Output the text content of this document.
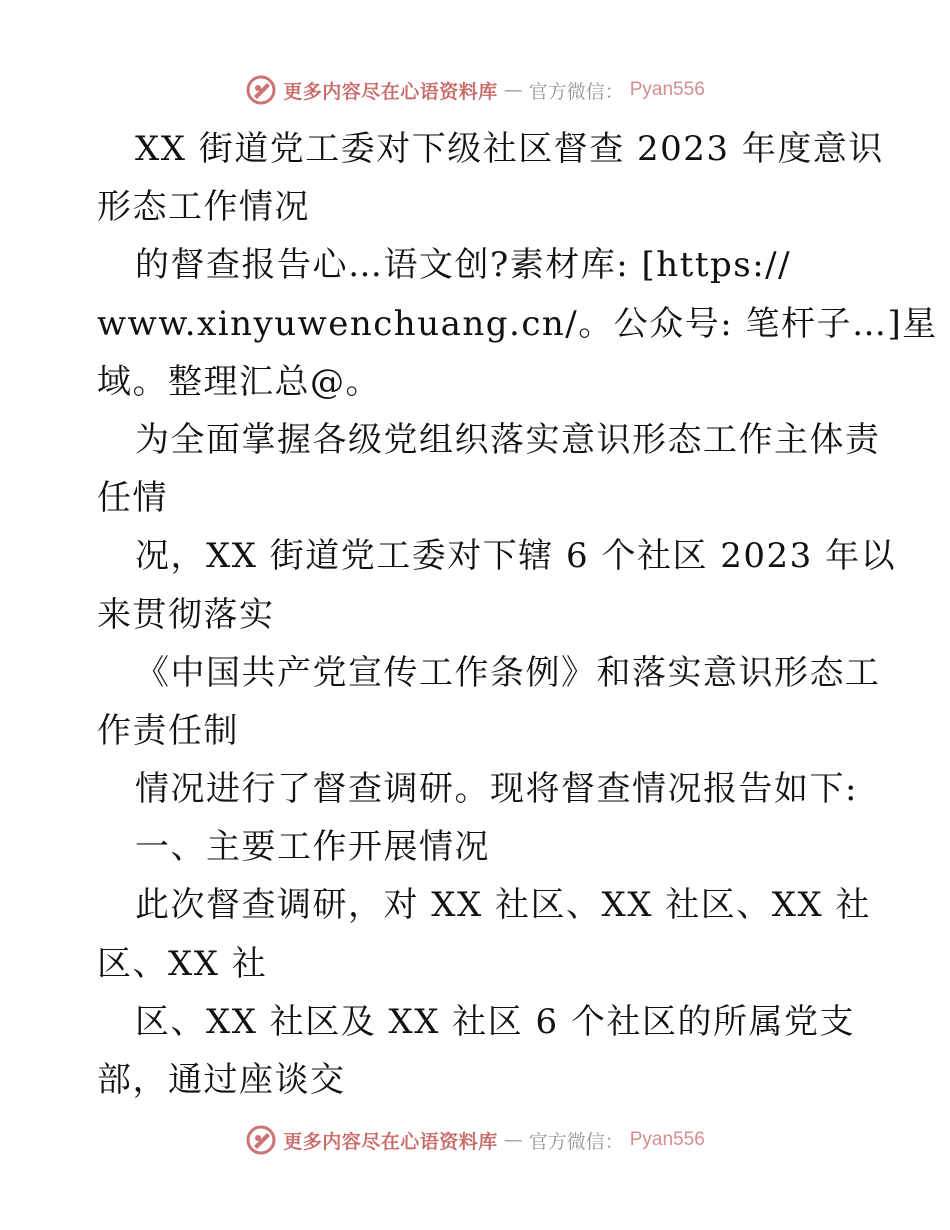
更多内容尽在心语资料库 — 官方微信： Pyan556
XX 街道党工委对下级社区督查 2023 年度意识
形态工作情况
的督查报告心…语文创?素材库: [https://
www.xinyuwenchuang.cn/。公众号: 笔杆子…]星
域。整理汇总@。
为全面掌握各级党组织落实意识形态工作主体责
任情
况，XX 街道党工委对下辖 6 个社区 2023 年以
来贯彻落实
《中国共产党宣传工作条例》和落实意识形态工
作责任制
情况进行了督查调研。现将督查情况报告如下:
一、主要工作开展情况
此次督查调研，对 XX 社区、XX 社区、XX 社
区、XX 社
区、XX 社区及 XX 社区 6 个社区的所属党支
部，通过座谈交
更多内容尽在心语资料库 — 官方微信： Pyan556
